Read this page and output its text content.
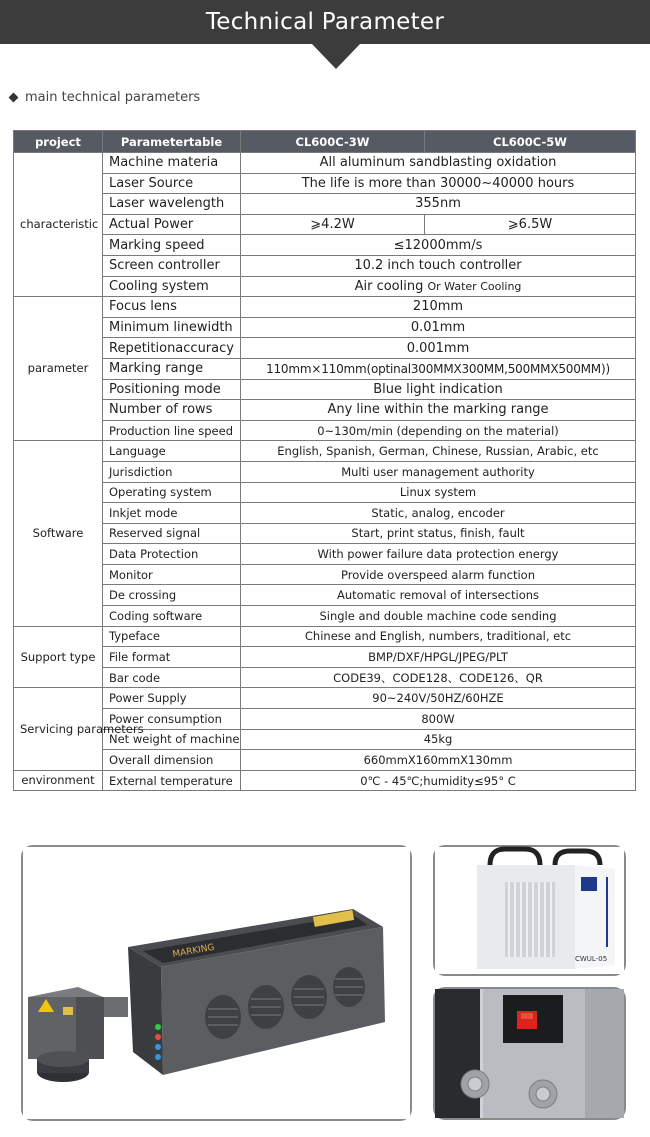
Technical Parameter
main technical parameters
project	Parametertable	CL600C-3W	CL600C-5W
characteristic	Machine materia	All aluminum sandblasting oxidation	
	Laser Source	The life is more than 30000~40000 hours	
	Laser wavelength	355nm	
	Actual Power	⩾4.2W	⩾6.5W
	Marking speed	≤12000mm/s	
	Screen controller	10.2 inch touch controller	
	Cooling system	Air cooling Or Water Cooling	
parameter	Focus lens	210mm	
	Minimum linewidth	0.01mm	
	Repetitionaccuracy	0.001mm	
	Marking range	110mm×110mm(optinal300MMX300MM,500MMX500MM))	
	Positioning mode	Blue light indication	
	Number of rows	Any line within the marking range	
	Production line speed	0~130m/min (depending on the material)	
Software	Language	English, Spanish, German, Chinese, Russian, Arabic, etc	
	Jurisdiction	Multi user management authority	
	Operating system	Linux system	
	Inkjet mode	Static, analog, encoder	
	Reserved signal	Start, print status, finish, fault	
	Data Protection	With power failure data protection energy	
	Monitor	Provide overspeed alarm function	
	De crossing	Automatic removal of intersections	
	Coding software	Single and double machine code sending	
Support type	Typeface	Chinese and English, numbers, traditional, etc	
	File format	BMP/DXF/HPGL/JPEG/PLT	
	Bar code	CODE39、CODE128、CODE126、QR	
Servicing parameters	Power Supply	90~240V/50HZ/60HZE	
	Power consumption	800W	
	Net weight of machine	45kg	
	Overall dimension	660mmX160mmX130mm	
environment	External temperature	0℃ - 45℃;humidity≤95° C	
MARKING	CWUL-05
